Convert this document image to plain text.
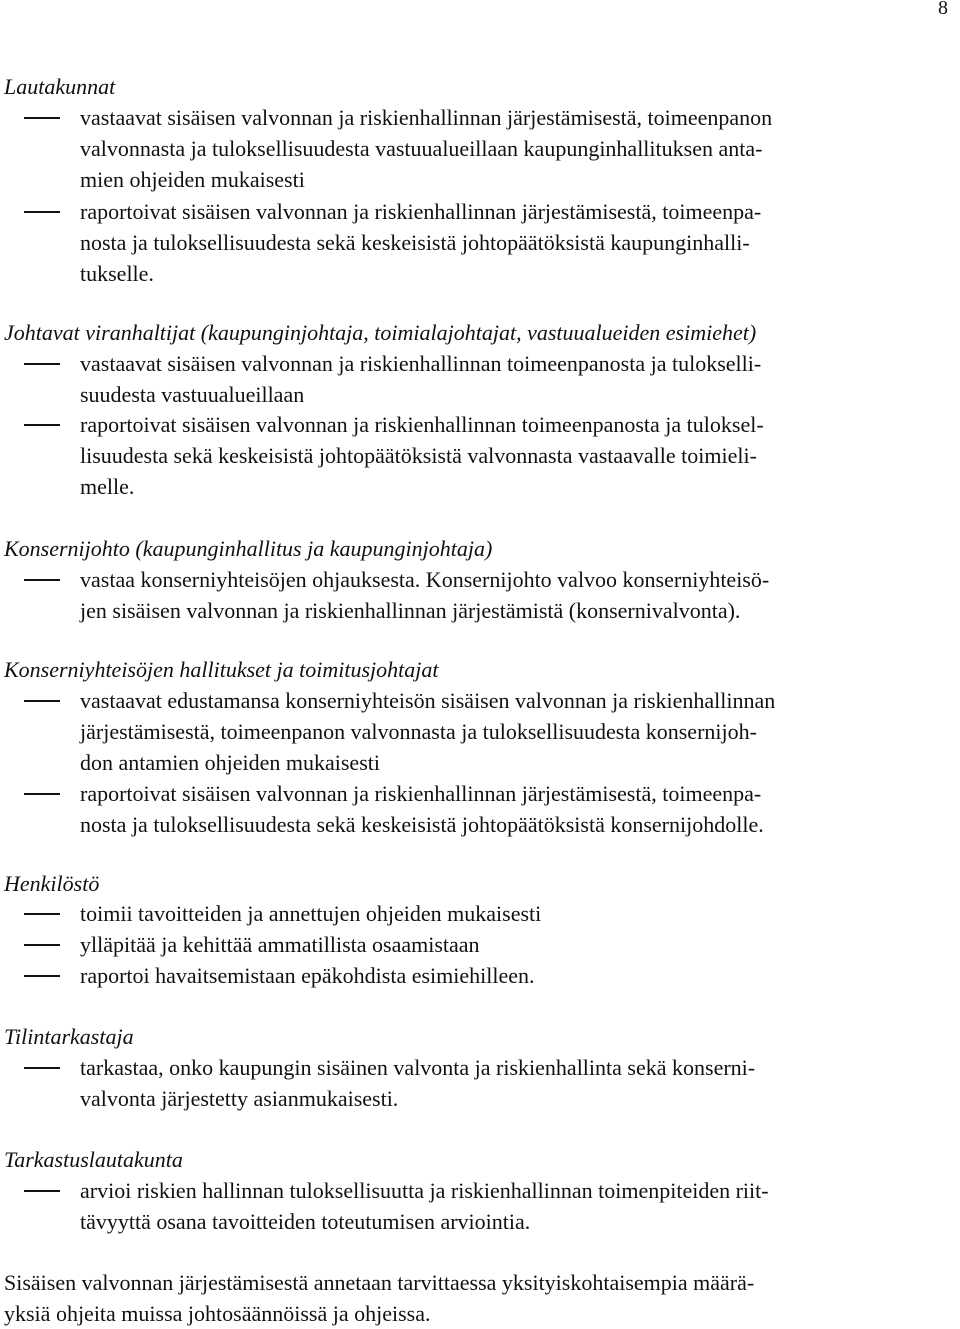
8
Lautakunnat
vastaavat sisäisen valvonnan ja riskienhallinnan järjestämisestä, toimeenpanon
valvonnasta ja tuloksellisuudesta vastuualueillaan kaupunginhallituksen anta-
mien ohjeiden mukaisesti
raportoivat sisäisen valvonnan ja riskienhallinnan järjestämisestä, toimeenpa-
nosta ja tuloksellisuudesta sekä keskeisistä johtopäätöksistä kaupunginhalli-
tukselle.
Johtavat viranhaltijat (kaupunginjohtaja, toimialajohtajat, vastuualueiden esimiehet)
vastaavat sisäisen valvonnan ja riskienhallinnan toimeenpanosta ja tulokselli-
suudesta vastuualueillaan
raportoivat sisäisen valvonnan ja riskienhallinnan toimeenpanosta ja tuloksel-
lisuudesta sekä keskeisistä johtopäätöksistä valvonnasta vastaavalle toimieli-
melle.
Konsernijohto (kaupunginhallitus ja kaupunginjohtaja)
vastaa konserniyhteisöjen ohjauksesta. Konsernijohto valvoo konserniyhteisö-
jen sisäisen valvonnan ja riskienhallinnan järjestämistä (konsernivalvonta).
Konserniyhteisöjen hallitukset ja toimitusjohtajat
vastaavat edustamansa konserniyhteisön sisäisen valvonnan ja riskienhallinnan
järjestämisestä, toimeenpanon valvonnasta ja tuloksellisuudesta konsernijoh-
don antamien ohjeiden mukaisesti
raportoivat sisäisen valvonnan ja riskienhallinnan järjestämisestä, toimeenpa-
nosta ja tuloksellisuudesta sekä keskeisistä johtopäätöksistä konsernijohdolle.
Henkilöstö
toimii tavoitteiden ja annettujen ohjeiden mukaisesti
ylläpitää ja kehittää ammatillista osaamistaan
raportoi havaitsemistaan epäkohdista esimiehilleen.
Tilintarkastaja
tarkastaa, onko kaupungin sisäinen valvonta ja riskienhallinta sekä konserni-
valvonta järjestetty asianmukaisesti.
Tarkastuslautakunta
arvioi riskien hallinnan tuloksellisuutta ja riskienhallinnan toimenpiteiden riit-
tävyyttä osana tavoitteiden toteutumisen arviointia.
Sisäisen valvonnan järjestämisestä annetaan tarvittaessa yksityiskohtaisempia määrä-
yksiä ohjeita muissa johtosäännöissä ja ohjeissa.
